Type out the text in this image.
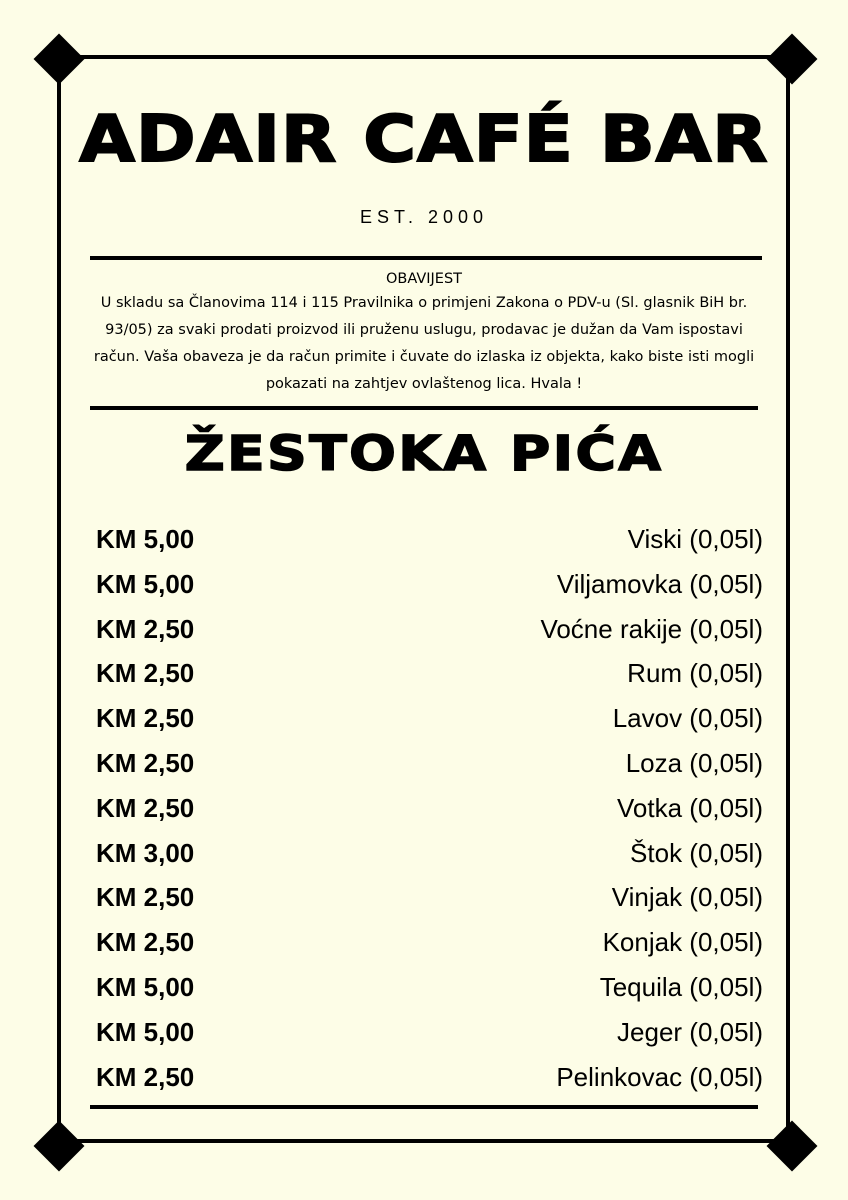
ADAIR CAFÉ BAR
EST. 2000
OBAVIJEST
U skladu sa Članovima 114 i 115 Pravilnika o primjeni Zakona o PDV-u (Sl. glasnik BiH br. 93/05) za svaki prodati proizvod ili pruženu uslugu, prodavac je dužan da Vam ispostavi račun. Vaša obaveza je da račun primite i čuvate do izlaska iz objekta, kako biste isti mogli pokazati na zahtjev ovlaštenog lica. Hvala !
ŽESTOKA PIĆA
KM 5,00	Viski (0,05l)
KM 5,00	Viljamovka (0,05l)
KM 2,50	Voćne rakije (0,05l)
KM 2,50	Rum (0,05l)
KM 2,50	Lavov (0,05l)
KM 2,50	Loza (0,05l)
KM 2,50	Votka (0,05l)
KM 3,00	Štok (0,05l)
KM 2,50	Vinjak (0,05l)
KM 2,50	Konjak (0,05l)
KM 5,00	Tequila (0,05l)
KM 5,00	Jeger (0,05l)
KM 2,50	Pelinkovac (0,05l)
